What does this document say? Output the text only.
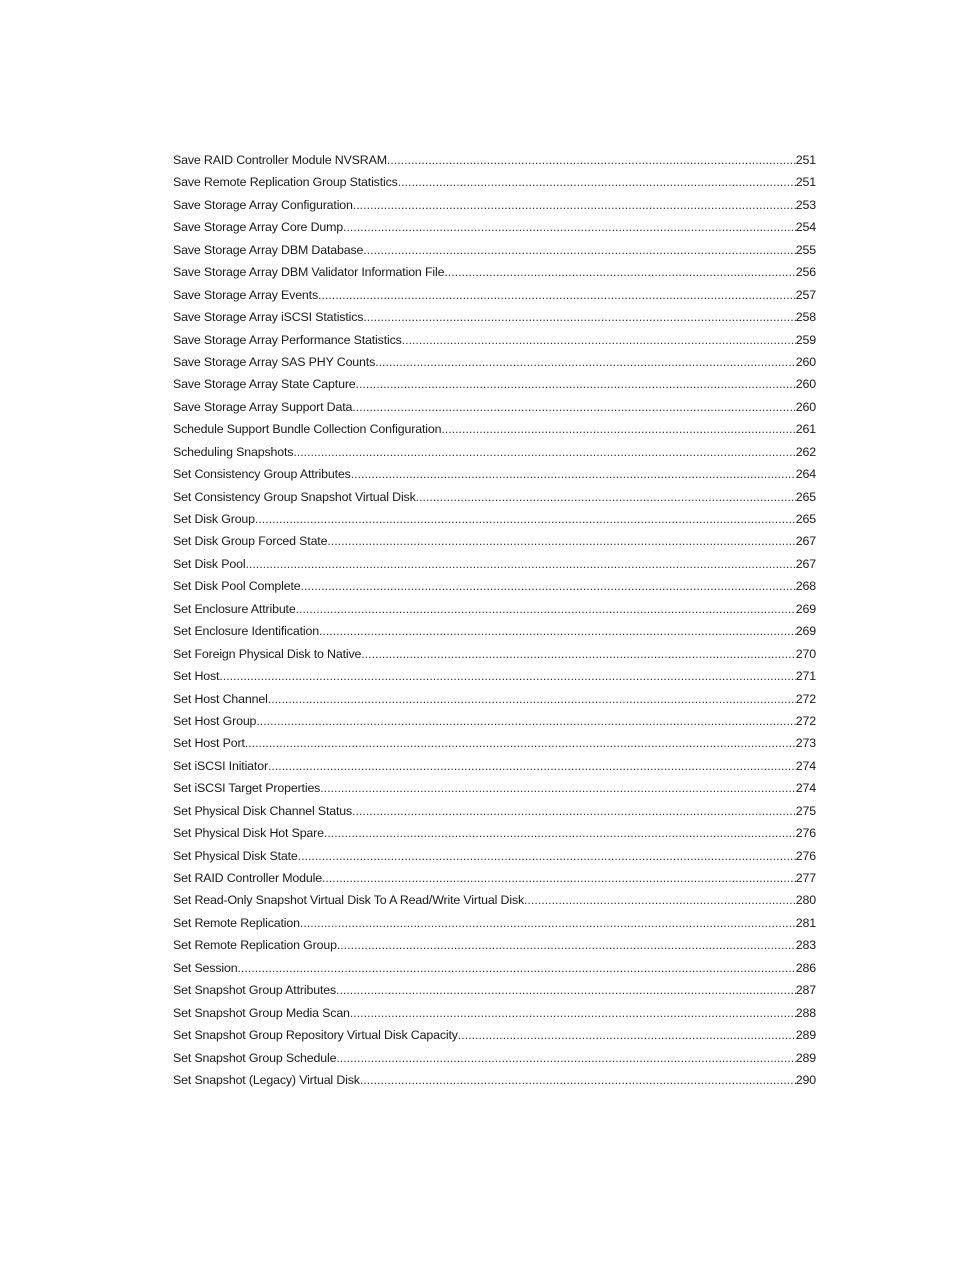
Save RAID Controller Module NVSRAM .....	251
Save Remote Replication Group Statistics .....	251
Save Storage Array Configuration .....	253
Save Storage Array Core Dump .....	254
Save Storage Array DBM Database .....	255
Save Storage Array DBM Validator Information File .....	256
Save Storage Array Events .....	257
Save Storage Array iSCSI Statistics .....	258
Save Storage Array Performance Statistics .....	259
Save Storage Array SAS PHY Counts .....	260
Save Storage Array State Capture .....	260
Save Storage Array Support Data .....	260
Schedule Support Bundle Collection Configuration .....	261
Scheduling Snapshots .....	262
Set Consistency Group Attributes .....	264
Set Consistency Group Snapshot Virtual Disk .....	265
Set Disk Group .....	265
Set Disk Group Forced State .....	267
Set Disk Pool .....	267
Set Disk Pool Complete .....	268
Set Enclosure Attribute .....	269
Set Enclosure Identification .....	269
Set Foreign Physical Disk to Native .....	270
Set Host .....	271
Set Host Channel .....	272
Set Host Group .....	272
Set Host Port .....	273
Set iSCSI Initiator .....	274
Set iSCSI Target Properties .....	274
Set Physical Disk Channel Status .....	275
Set Physical Disk Hot Spare .....	276
Set Physical Disk State .....	276
Set RAID Controller Module .....	277
Set Read-Only Snapshot Virtual Disk To A Read/Write Virtual Disk .....	280
Set Remote Replication .....	281
Set Remote Replication Group .....	283
Set Session .....	286
Set Snapshot Group Attributes .....	287
Set Snapshot Group Media Scan .....	288
Set Snapshot Group Repository Virtual Disk Capacity .....	289
Set Snapshot Group Schedule .....	289
Set Snapshot (Legacy) Virtual Disk .....	290
